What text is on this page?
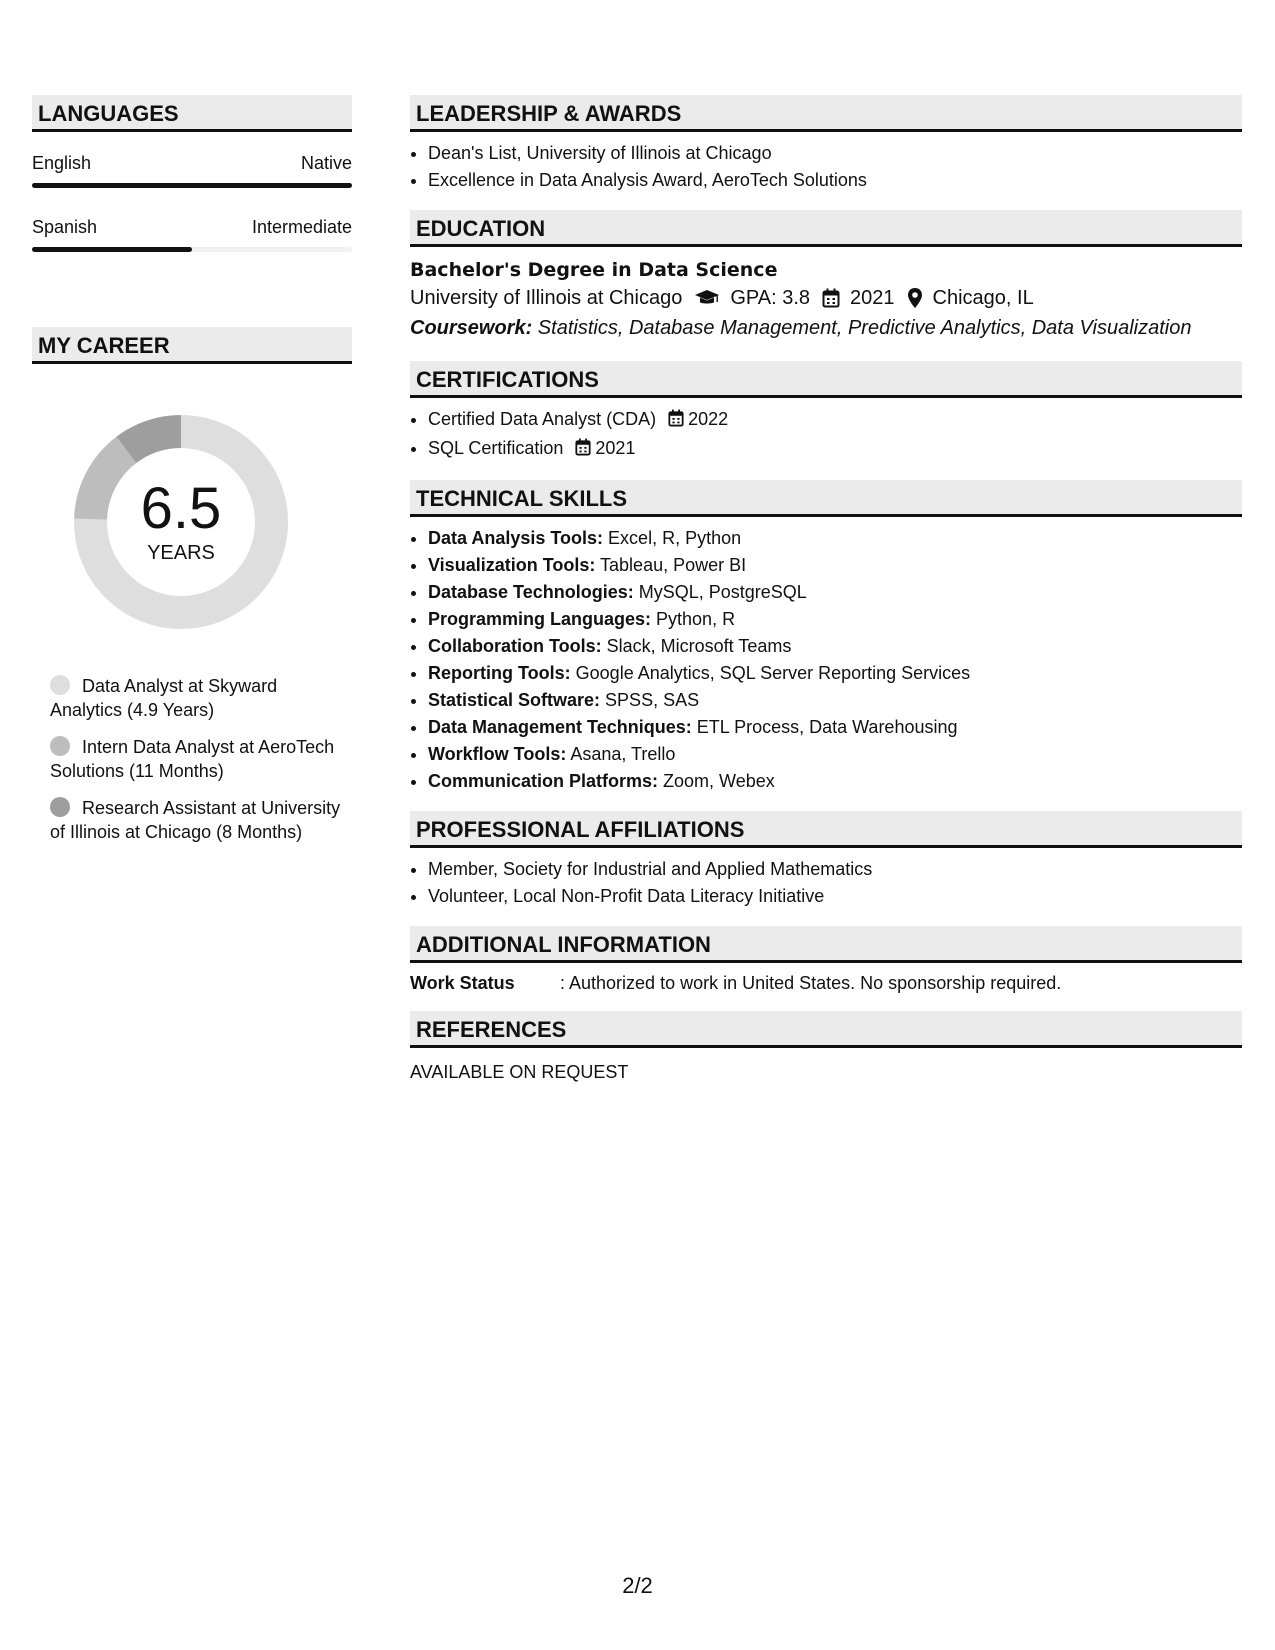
LANGUAGES
English	Native
Spanish	Intermediate
MY CAREER
6.5
YEARS
Data Analyst at Skyward Analytics (4.9 Years)
Intern Data Analyst at AeroTech Solutions (11 Months)
Research Assistant at University of Illinois at Chicago (8 Months)
LEADERSHIP & AWARDS
• Dean's List, University of Illinois at Chicago
• Excellence in Data Analysis Award, AeroTech Solutions
EDUCATION
Bachelor's Degree in Data Science
University of Illinois at Chicago GPA: 3.8 2021 Chicago, IL
Coursework: Statistics, Database Management, Predictive Analytics, Data Visualization
CERTIFICATIONS
• Certified Data Analyst (CDA) 2022
• SQL Certification 2021
TECHNICAL SKILLS
• Data Analysis Tools: Excel, R, Python
• Visualization Tools: Tableau, Power BI
• Database Technologies: MySQL, PostgreSQL
• Programming Languages: Python, R
• Collaboration Tools: Slack, Microsoft Teams
• Reporting Tools: Google Analytics, SQL Server Reporting Services
• Statistical Software: SPSS, SAS
• Data Management Techniques: ETL Process, Data Warehousing
• Workflow Tools: Asana, Trello
• Communication Platforms: Zoom, Webex
PROFESSIONAL AFFILIATIONS
• Member, Society for Industrial and Applied Mathematics
• Volunteer, Local Non-Profit Data Literacy Initiative
ADDITIONAL INFORMATION
Work Status	: Authorized to work in United States. No sponsorship required.
REFERENCES
AVAILABLE ON REQUEST
2/2
